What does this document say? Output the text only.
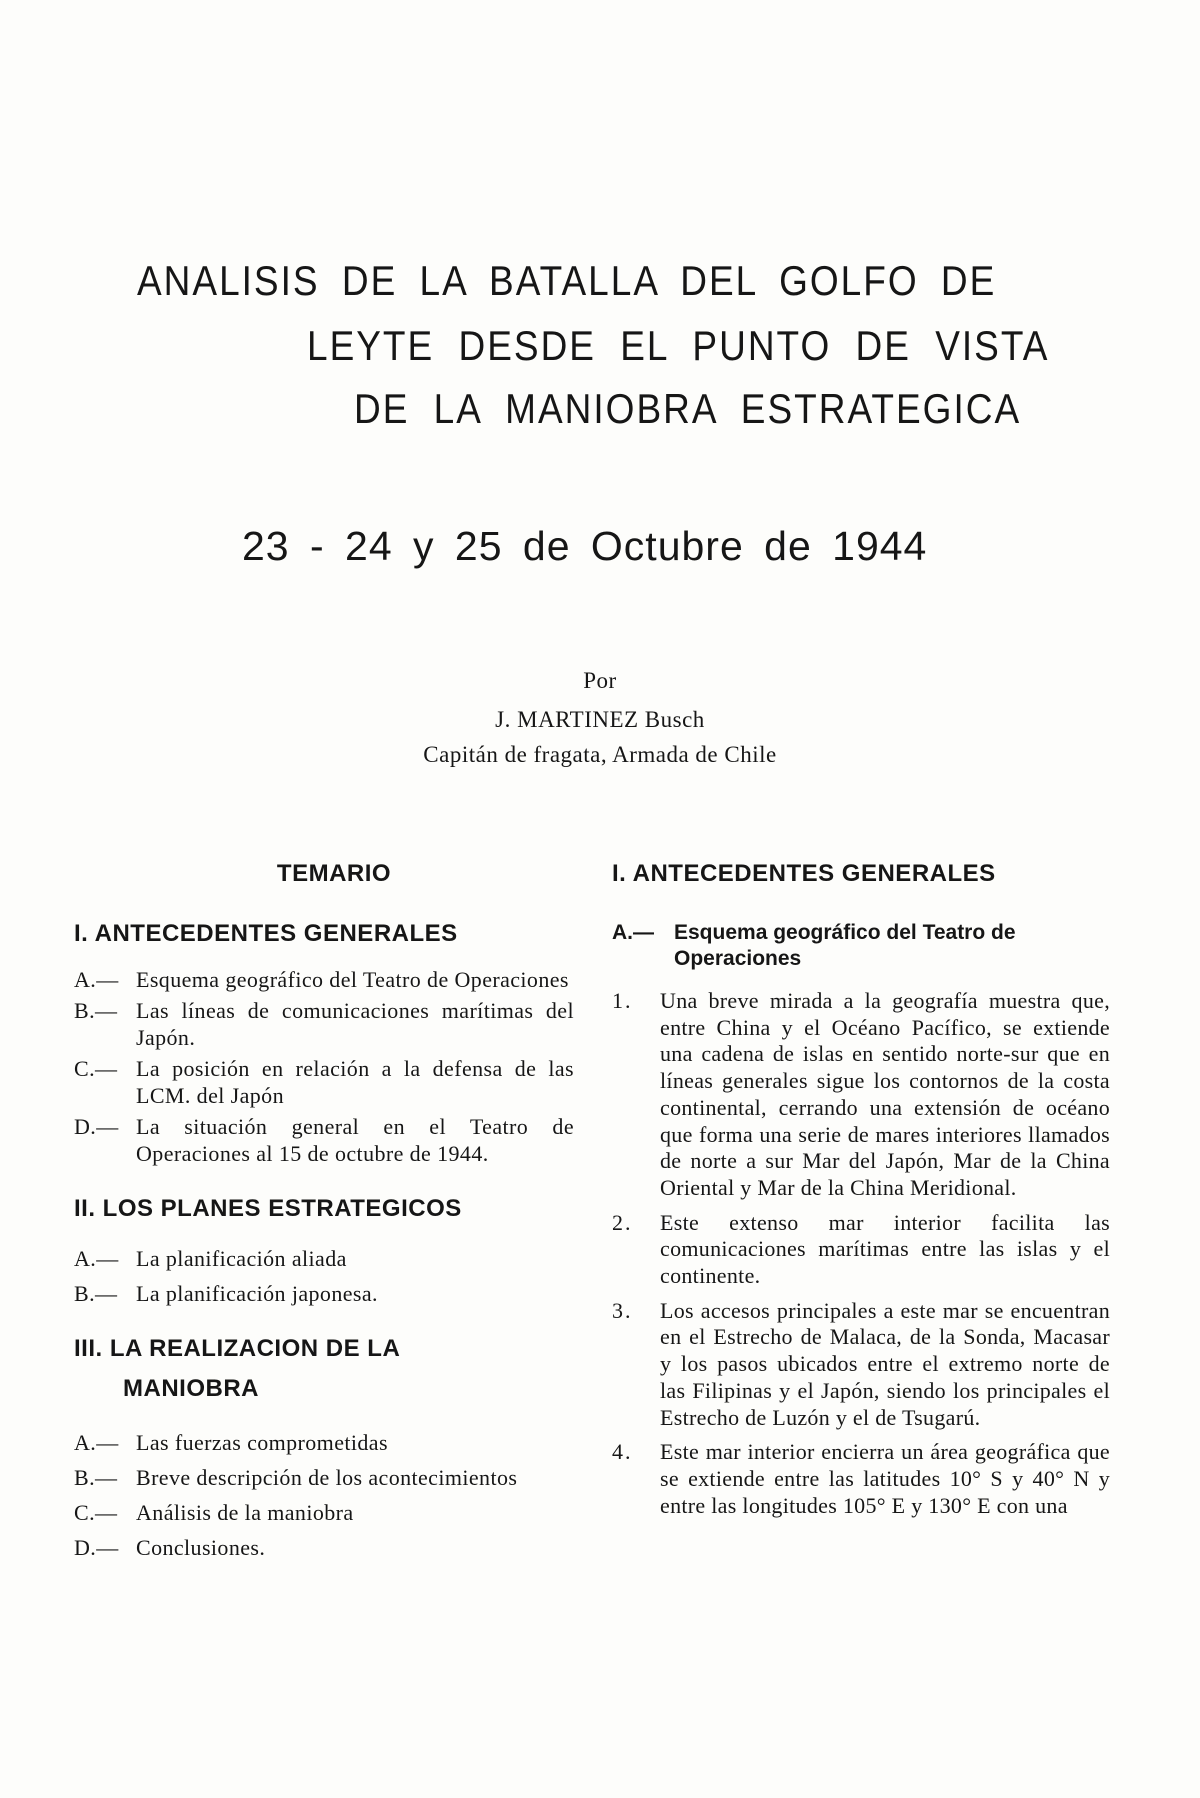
ANALISIS DE LA BATALLA DEL GOLFO DE
LEYTE DESDE EL PUNTO DE VISTA
DE LA MANIOBRA ESTRATEGICA
23 - 24 y 25 de Octubre de 1944
Por
J. MARTINEZ Busch
Capitán de fragata, Armada de Chile
TEMARIO
I. ANTECEDENTES GENERALES
A.— Esquema geográfico del Teatro de Operaciones
B.— Las líneas de comunicaciones marítimas del Japón.
C.— La posición en relación a la defensa de las LCM. del Japón
D.— La situación general en el Teatro de Operaciones al 15 de octubre de 1944.
II. LOS PLANES ESTRATEGICOS
A.— La planificación aliada
B.— La planificación japonesa.
III. LA REALIZACION DE LA
MANIOBRA
A.— Las fuerzas comprometidas
B.— Breve descripción de los acontecimientos
C.— Análisis de la maniobra
D.— Conclusiones.
I. ANTECEDENTES GENERALES
A.— Esquema geográfico del Teatro de Operaciones
1.	Una breve mirada a la geografía muestra que, entre China y el Océano Pacífico, se extiende una cadena de islas en sentido norte-sur que en líneas generales sigue los contornos de la costa continental, cerrando una extensión de océano que forma una serie de mares interiores llamados de norte a sur Mar del Japón, Mar de la China Oriental y Mar de la China Meridional.
2.	Este extenso mar interior facilita las comunicaciones marítimas entre las islas y el continente.
3.	Los accesos principales a este mar se encuentran en el Estrecho de Malaca, de la Sonda, Macasar y los pasos ubicados entre el extremo norte de las Filipinas y el Japón, siendo los principales el Estrecho de Luzón y el de Tsugarú.
4.	Este mar interior encierra un área geográfica que se extiende entre las latitudes 10° S y 40° N y entre las longitudes 105° E y 130° E con una
